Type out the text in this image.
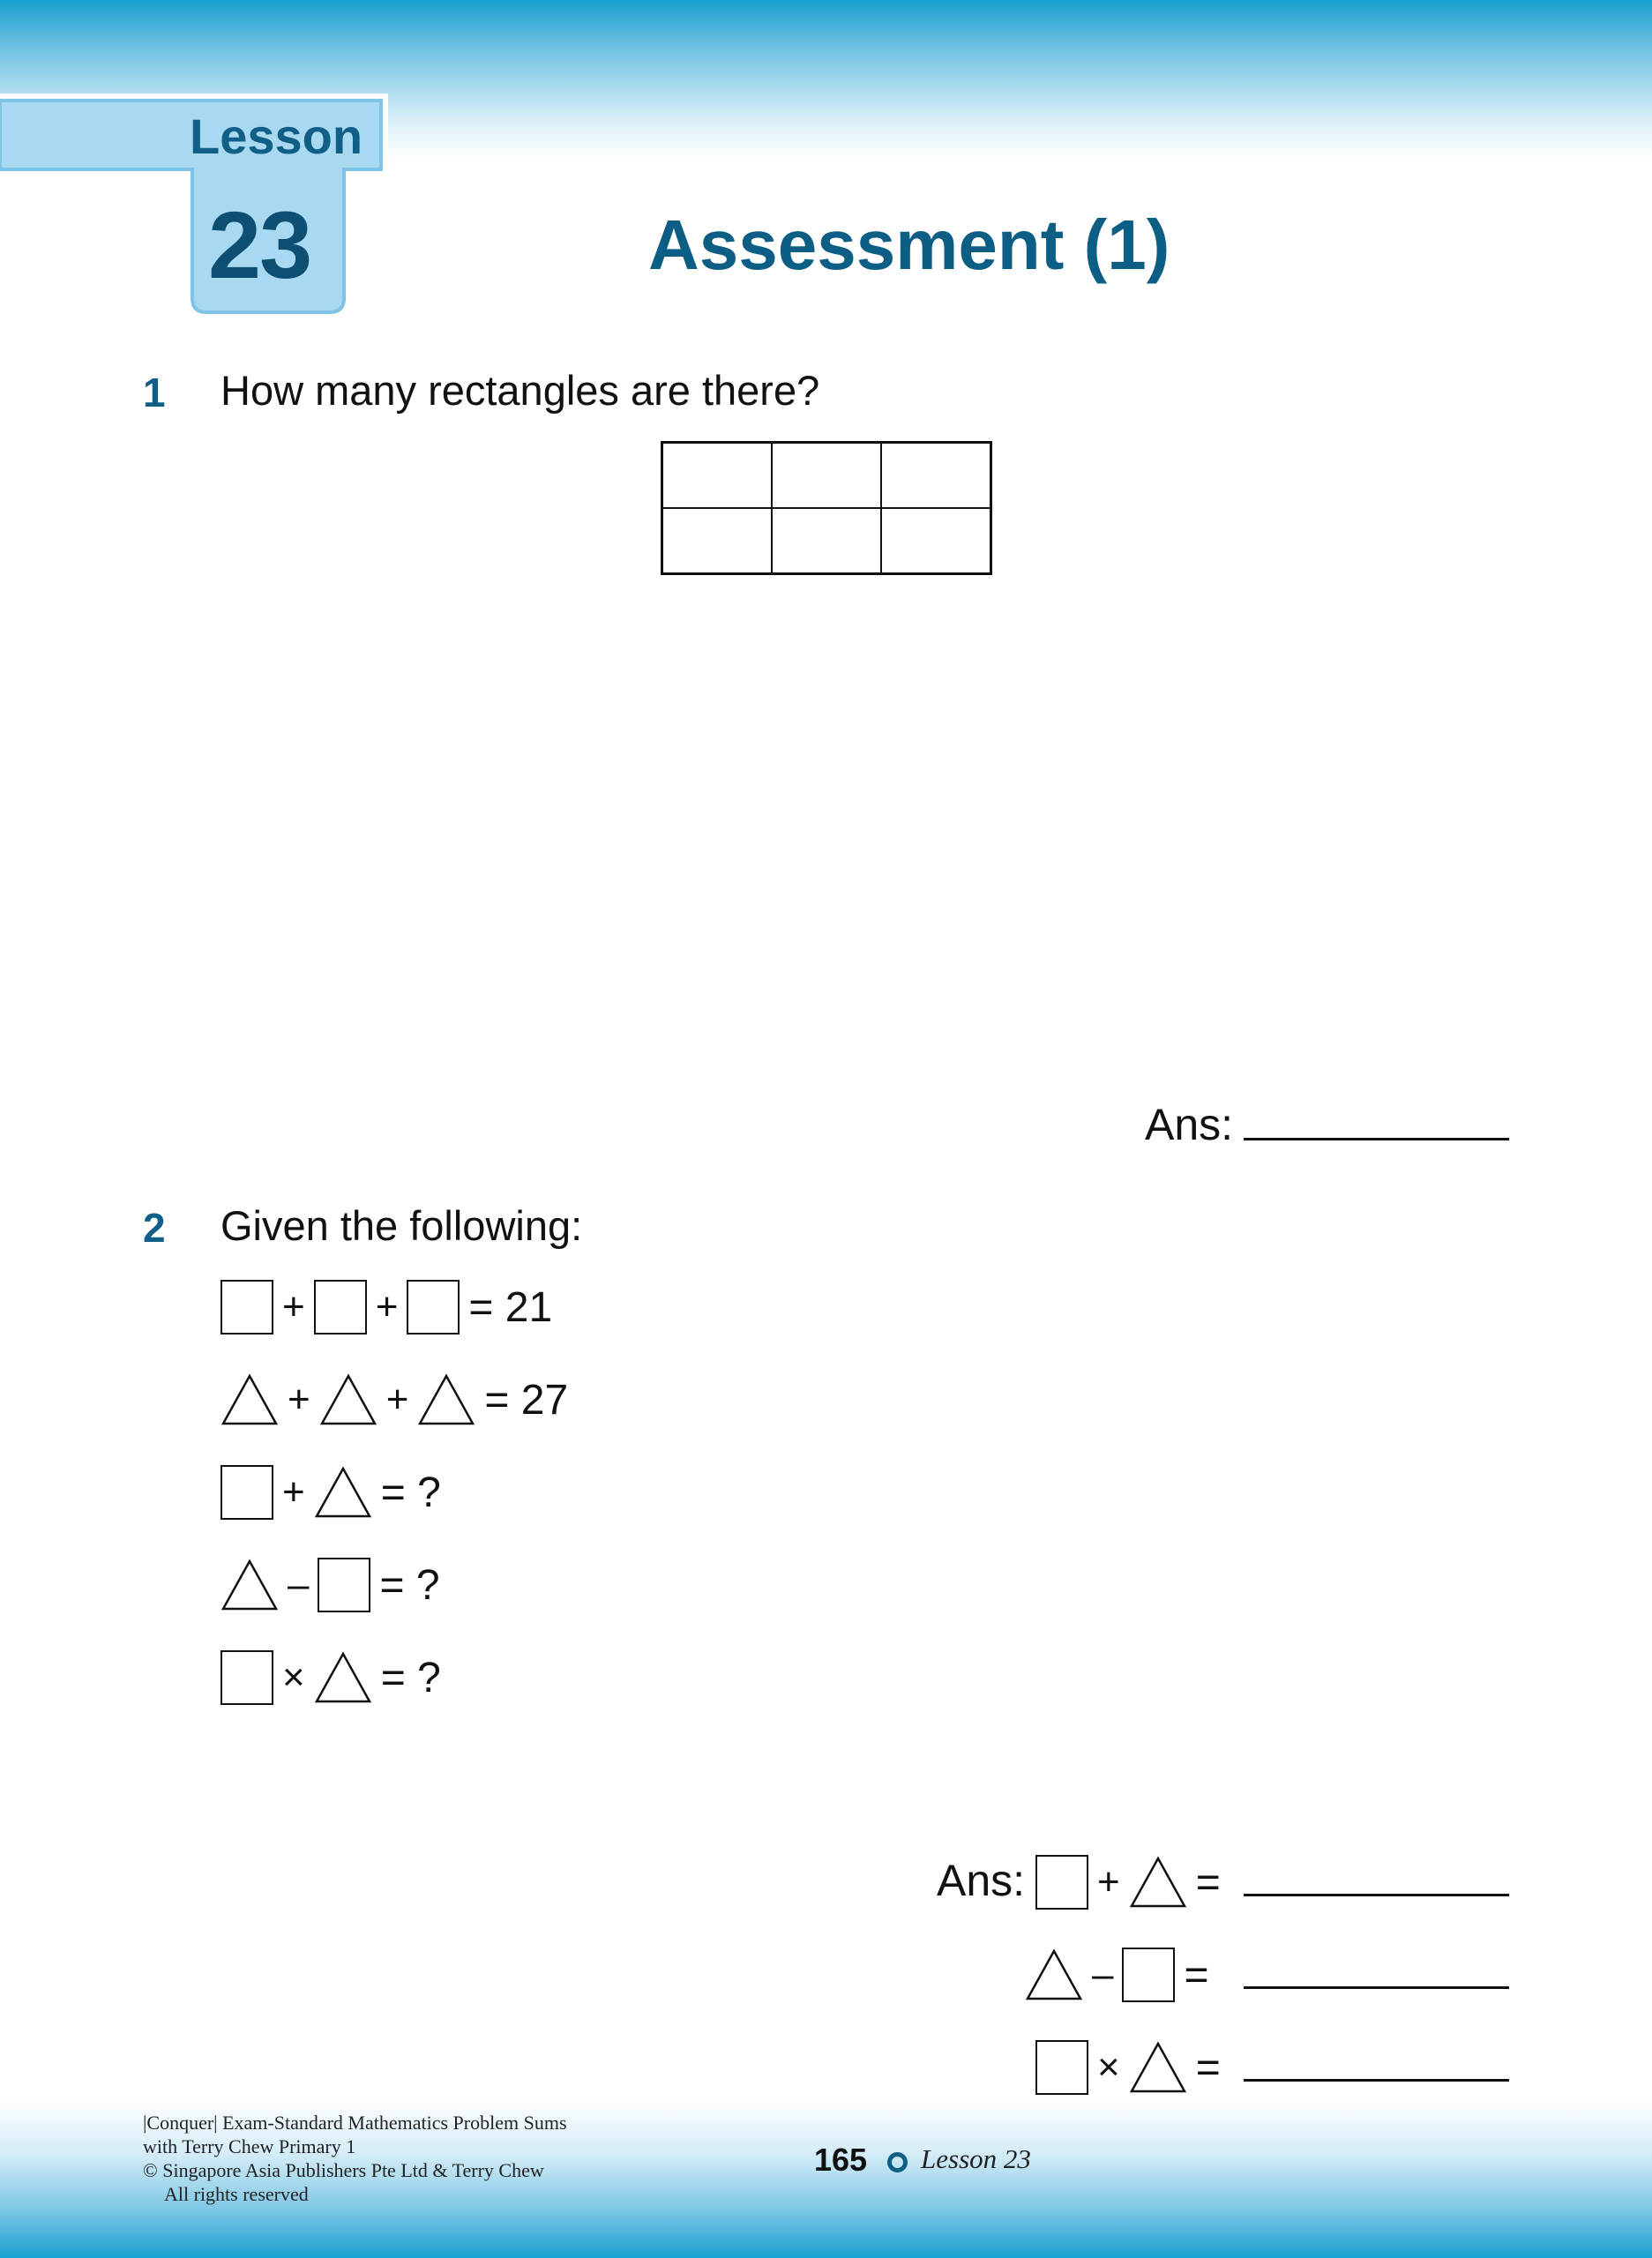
Lesson
23	Assessment (1)
1 How many rectangles are there?
Ans:
2 Given the following:
+ + = 21
+ + = 27
+ = ?
– = ?
× = ?
Ans: + =
– =
× =
|Conquer| Exam-Standard Mathematics Problem Sums
with Terry Chew Primary 1
© Singapore Asia Publishers Pte Ltd & Terry Chew
All rights reserved
165 Lesson 23
